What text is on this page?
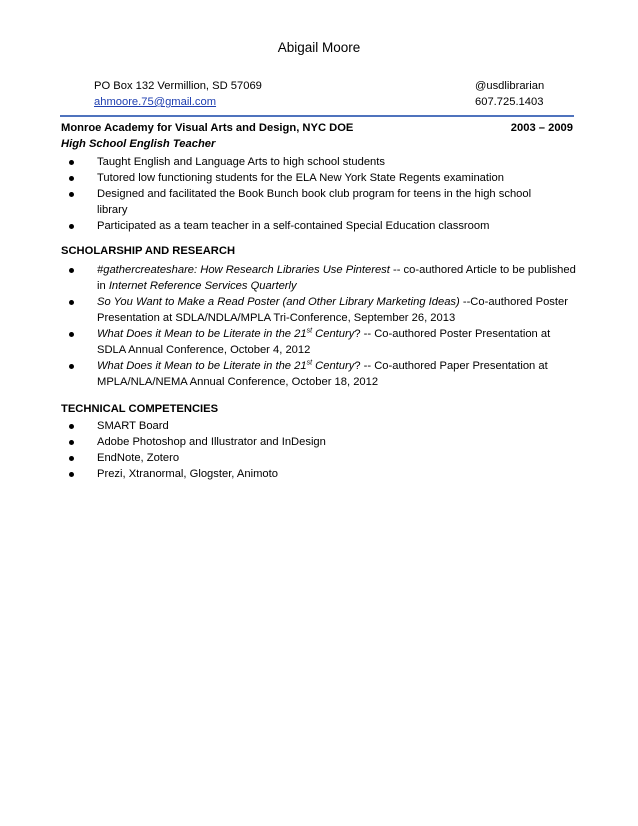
Abigail Moore
PO Box 132 Vermillion, SD 57069
ahmoore.75@gmail.com
@usdlibrarian
607.725.1403
Monroe Academy for Visual Arts and Design, NYC DOE	2003 – 2009
High School English Teacher
Taught English and Language Arts to high school students
Tutored low functioning students for the ELA New York State Regents examination
Designed and facilitated the Book Bunch book club program for teens in the high school library
Participated as a team teacher in a self-contained Special Education classroom
SCHOLARSHIP AND RESEARCH
#gathercreateshare: How Research Libraries Use Pinterest -- co-authored Article to be published in Internet Reference Services Quarterly
So You Want to Make a Read Poster (and Other Library Marketing Ideas) --Co-authored Poster Presentation at SDLA/NDLA/MPLA Tri-Conference, September 26, 2013
What Does it Mean to be Literate in the 21st Century? -- Co-authored Poster Presentation at SDLA Annual Conference, October 4, 2012
What Does it Mean to be Literate in the 21st Century? -- Co-authored Paper Presentation at MPLA/NLA/NEMA Annual Conference, October 18, 2012
TECHNICAL COMPETENCIES
SMART Board
Adobe Photoshop and Illustrator and InDesign
EndNote, Zotero
Prezi, Xtranormal, Glogster, Animoto
